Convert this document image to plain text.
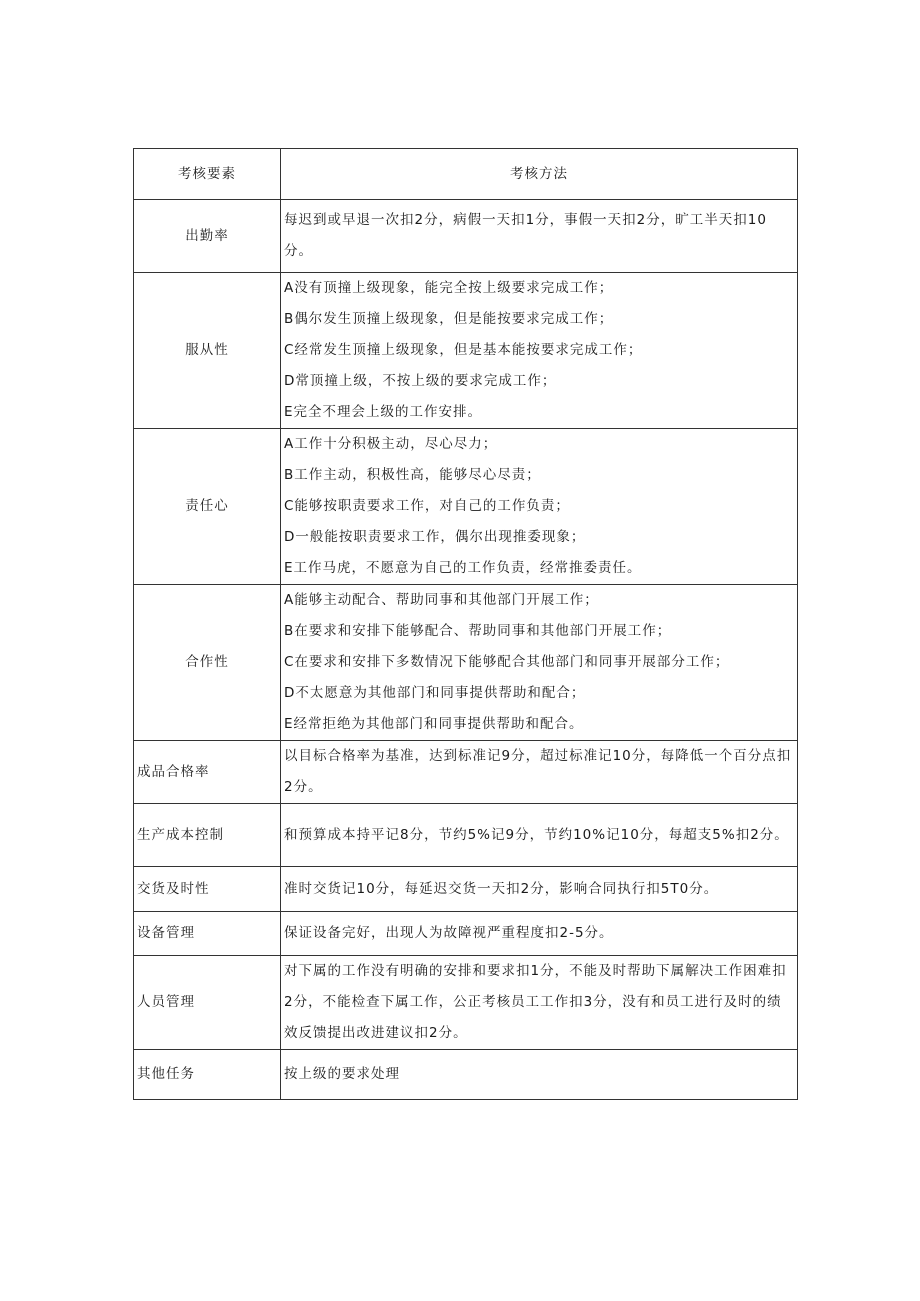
考核要素	考核方法
出勤率	每迟到或早退一次扣2分，病假一天扣1分，事假一天扣2分，旷工半天扣10分。

服从性	A没有顶撞上级现象，能完全按上级要求完成工作；
B偶尔发生顶撞上级现象，但是能按要求完成工作；
C经常发生顶撞上级现象，但是基本能按要求完成工作；
D常顶撞上级，不按上级的要求完成工作；
E完全不理会上级的工作安排。

责任心	A工作十分积极主动，尽心尽力；
B工作主动，积极性高，能够尽心尽责；
C能够按职责要求工作，对自己的工作负责；
D一般能按职责要求工作，偶尔出现推委现象；
E工作马虎，不愿意为自己的工作负责，经常推委责任。

合作性	A能够主动配合、帮助同事和其他部门开展工作；
B在要求和安排下能够配合、帮助同事和其他部门开展工作；
C在要求和安排下多数情况下能够配合其他部门和同事开展部分工作；
D不太愿意为其他部门和同事提供帮助和配合；
E经常拒绝为其他部门和同事提供帮助和配合。

成品合格率	以目标合格率为基准，达到标准记9分，超过标准记10分，每降低一个百分点扣2分。

生产成本控制	和预算成本持平记8分，节约5%记9分，节约10%记10分，每超支5%扣2分。

交货及时性	准时交货记10分，每延迟交货一天扣2分，影响合同执行扣5T0分。

设备管理	保证设备完好，出现人为故障视严重程度扣2-5分。

人员管理	对下属的工作没有明确的安排和要求扣1分，不能及时帮助下属解决工作困难扣2分，不能检查下属工作，公正考核员工工作扣3分，没有和员工进行及时的绩效反馈提出改进建议扣2分。

其他任务	按上级的要求处理
